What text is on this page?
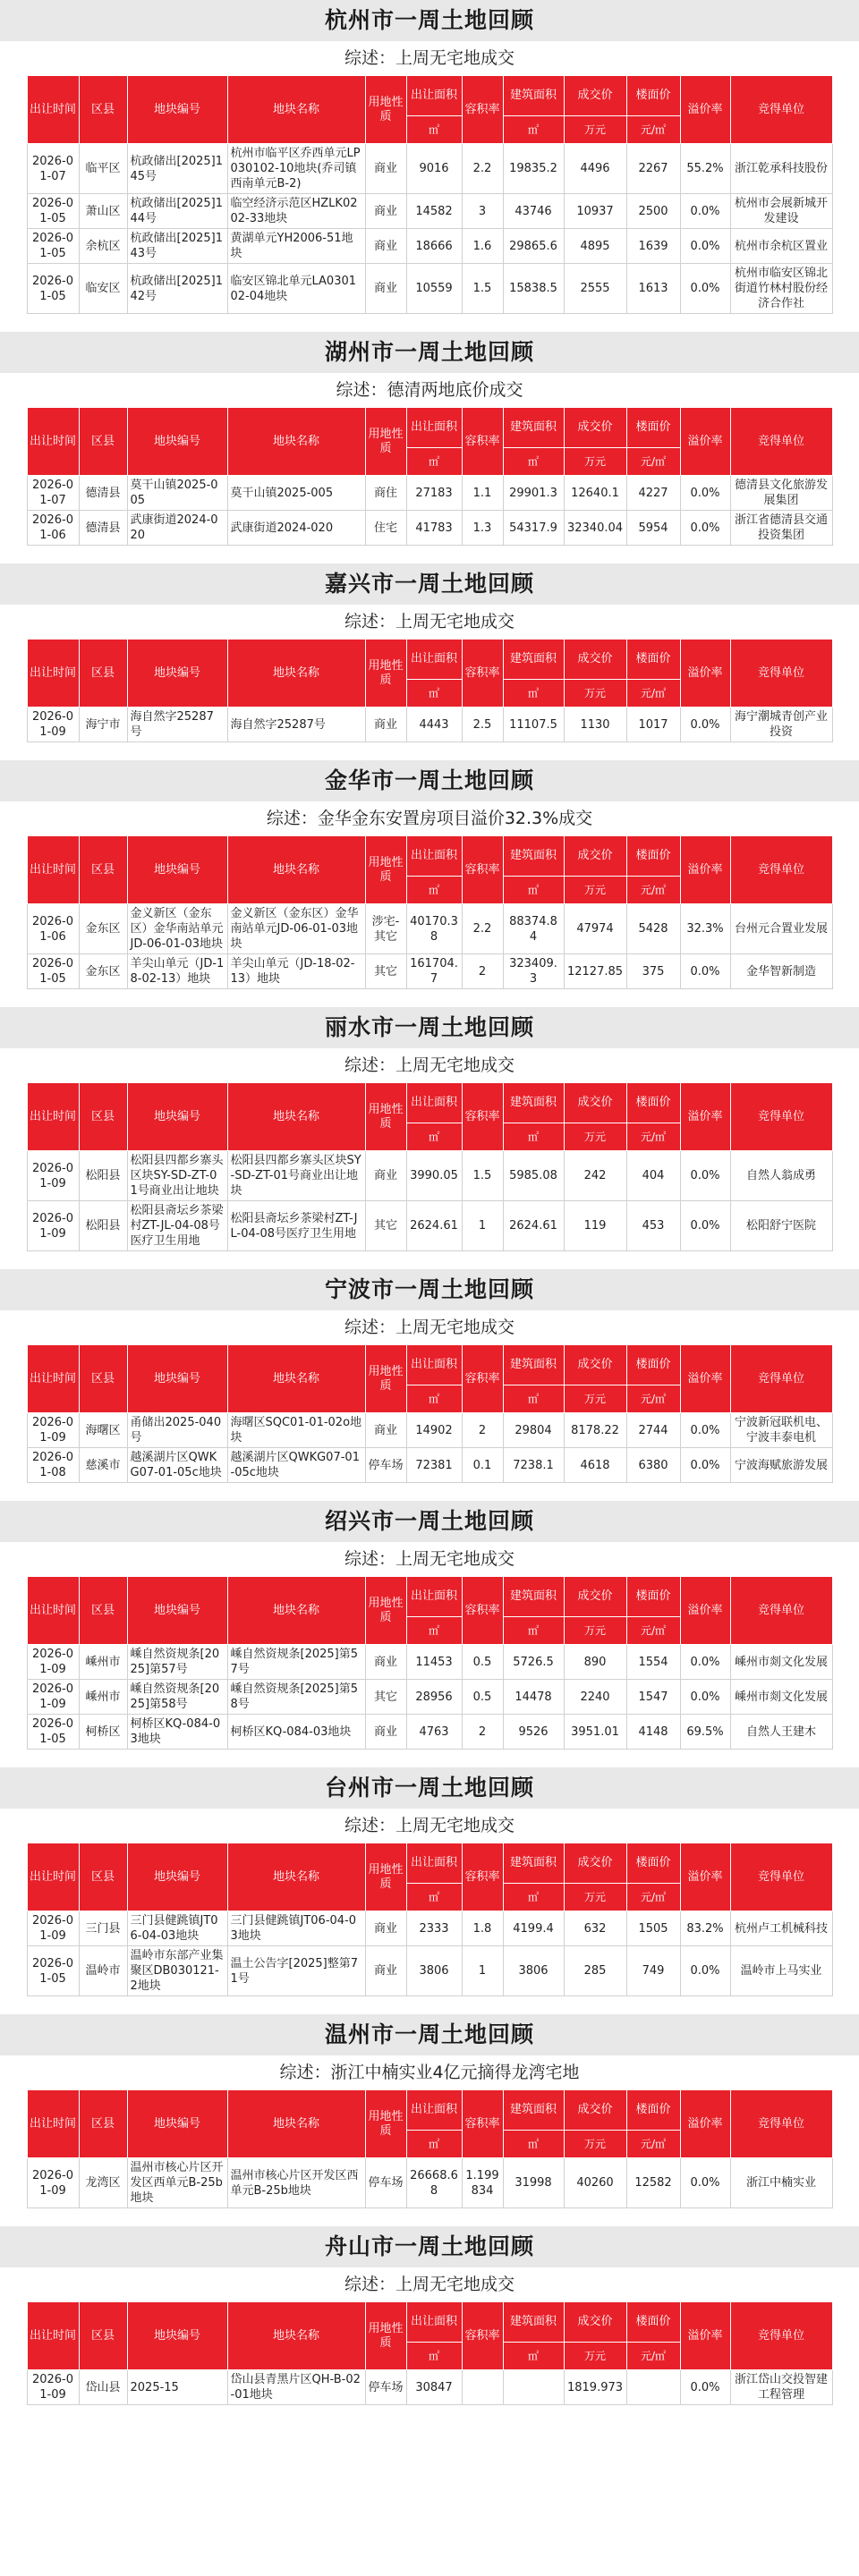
杭州市一周土地回顾
综述：上周无宅地成交
出让时间	区县	地块编号	地块名称	用地性质	出让面积	容积率	建筑面积	成交价	楼面价	溢价率	竞得单位
					㎡		㎡	万元	元/㎡		
2026-01-07	临平区	杭政储出[2025]145号	杭州市临平区乔西单元LP030102-10地块(乔司镇西南单元B-2)	商业	9016	2.2	19835.2	4496	2267	55.2%	浙江乾承科技股份
2026-01-05	萧山区	杭政储出[2025]144号	临空经济示范区HZLK0202-33地块	商业	14582	3	43746	10937	2500	0.0%	杭州市会展新城开发建设
2026-01-05	余杭区	杭政储出[2025]143号	黄湖单元YH2006-51地块	商业	18666	1.6	29865.6	4895	1639	0.0%	杭州市余杭区置业
2026-01-05	临安区	杭政储出[2025]142号	临安区锦北单元LA030102-04地块	商业	10559	1.5	15838.5	2555	1613	0.0%	杭州市临安区锦北街道竹林村股份经济合作社
湖州市一周土地回顾
综述：德清两地底价成交
出让时间	区县	地块编号	地块名称	用地性质	出让面积	容积率	建筑面积	成交价	楼面价	溢价率	竞得单位
					㎡		㎡	万元	元/㎡		
2026-01-07	德清县	莫干山镇2025-005	莫干山镇2025-005	商住	27183	1.1	29901.3	12640.1	4227	0.0%	德清县文化旅游发展集团
2026-01-06	德清县	武康街道2024-020	武康街道2024-020	住宅	41783	1.3	54317.9	32340.04	5954	0.0%	浙江省德清县交通投资集团
嘉兴市一周土地回顾
综述：上周无宅地成交
出让时间	区县	地块编号	地块名称	用地性质	出让面积	容积率	建筑面积	成交价	楼面价	溢价率	竞得单位
					㎡		㎡	万元	元/㎡		
2026-01-09	海宁市	海自然字25287号	海自然字25287号	商业	4443	2.5	11107.5	1130	1017	0.0%	海宁潮城青创产业投资
金华市一周土地回顾
综述：金华金东安置房项目溢价32.3%成交
出让时间	区县	地块编号	地块名称	用地性质	出让面积	容积率	建筑面积	成交价	楼面价	溢价率	竞得单位
					㎡		㎡	万元	元/㎡		
2026-01-06	金东区	金义新区（金东区）金华南站单元JD-06-01-03地块	金义新区（金东区）金华南站单元JD-06-01-03地块	涉宅-其它	40170.38	2.2	88374.84	47974	5428	32.3%	台州元合置业发展
2026-01-05	金东区	羊尖山单元（JD-18-02-13）地块	羊尖山单元（JD-18-02-13）地块	其它	161704.7	2	323409.3	12127.85	375	0.0%	金华智新制造
丽水市一周土地回顾
综述：上周无宅地成交
出让时间	区县	地块编号	地块名称	用地性质	出让面积	容积率	建筑面积	成交价	楼面价	溢价率	竞得单位
					㎡		㎡	万元	元/㎡		
2026-01-09	松阳县	松阳县四都乡寨头区块SY-SD-ZT-01号商业出让地块	松阳县四都乡寨头区块SY-SD-ZT-01号商业出让地块	商业	3990.05	1.5	5985.08	242	404	0.0%	自然人翁成勇
2026-01-09	松阳县	松阳县斋坛乡茶梁村ZT-JL-04-08号医疗卫生用地	松阳县斋坛乡茶梁村ZT-JL-04-08号医疗卫生用地	其它	2624.61	1	2624.61	119	453	0.0%	松阳舒宁医院
宁波市一周土地回顾
综述：上周无宅地成交
出让时间	区县	地块编号	地块名称	用地性质	出让面积	容积率	建筑面积	成交价	楼面价	溢价率	竞得单位
					㎡		㎡	万元	元/㎡		
2026-01-09	海曙区	甬储出2025-040号	海曙区SQC01-01-02o地块	商业	14902	2	29804	8178.22	2744	0.0%	宁波新冠联机电、宁波丰泰电机
2026-01-08	慈溪市	越溪湖片区QWKG07-01-05c地块	越溪湖片区QWKG07-01-05c地块	停车场	72381	0.1	7238.1	4618	6380	0.0%	宁波海赋旅游发展
绍兴市一周土地回顾
综述：上周无宅地成交
出让时间	区县	地块编号	地块名称	用地性质	出让面积	容积率	建筑面积	成交价	楼面价	溢价率	竞得单位
					㎡		㎡	万元	元/㎡		
2026-01-09	嵊州市	嵊自然资规条[2025]第57号	嵊自然资规条[2025]第57号	商业	11453	0.5	5726.5	890	1554	0.0%	嵊州市剡文化发展
2026-01-09	嵊州市	嵊自然资规条[2025]第58号	嵊自然资规条[2025]第58号	其它	28956	0.5	14478	2240	1547	0.0%	嵊州市剡文化发展
2026-01-05	柯桥区	柯桥区KQ-084-03地块	柯桥区KQ-084-03地块	商业	4763	2	9526	3951.01	4148	69.5%	自然人王建木
台州市一周土地回顾
综述：上周无宅地成交
出让时间	区县	地块编号	地块名称	用地性质	出让面积	容积率	建筑面积	成交价	楼面价	溢价率	竞得单位
					㎡		㎡	万元	元/㎡		
2026-01-09	三门县	三门县健跳镇JT06-04-03地块	三门县健跳镇JT06-04-03地块	商业	2333	1.8	4199.4	632	1505	83.2%	杭州卢工机械科技
2026-01-05	温岭市	温岭市东部产业集聚区DB030121-2地块	温土公告字[2025]整第71号	商业	3806	1	3806	285	749	0.0%	温岭市上马实业
温州市一周土地回顾
综述：浙江中楠实业4亿元摘得龙湾宅地
出让时间	区县	地块编号	地块名称	用地性质	出让面积	容积率	建筑面积	成交价	楼面价	溢价率	竞得单位
					㎡		㎡	万元	元/㎡		
2026-01-09	龙湾区	温州市核心片区开发区西单元B-25b地块	温州市核心片区开发区西单元B-25b地块	停车场	26668.68	1.199834	31998	40260	12582	0.0%	浙江中楠实业
舟山市一周土地回顾
综述：上周无宅地成交
出让时间	区县	地块编号	地块名称	用地性质	出让面积	容积率	建筑面积	成交价	楼面价	溢价率	竞得单位
					㎡		㎡	万元	元/㎡		
2026-01-09	岱山县	2025-15	岱山县青黑片区QH-B-02-01地块	停车场	30847			1819.973		0.0%	浙江岱山交投智建工程管理
